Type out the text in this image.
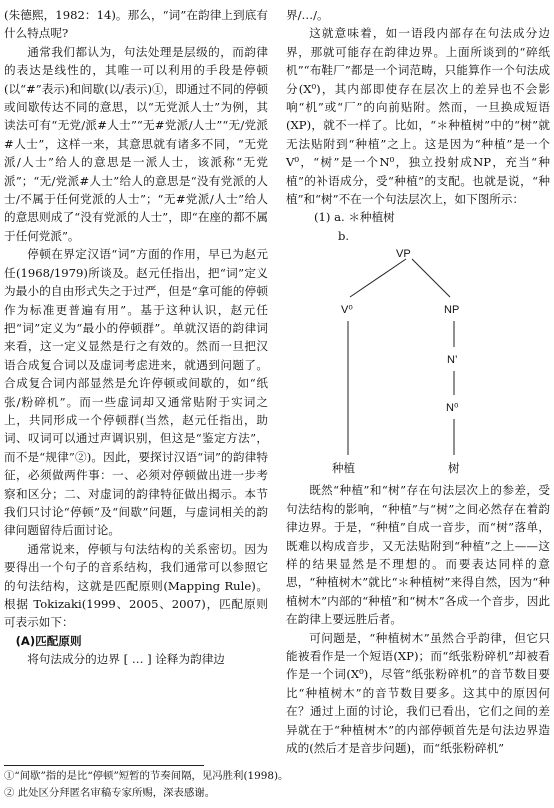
(朱德熙，1982：14)。那么，“词”在韵律上到底有什么特点呢?

通常我们都认为，句法处理是层级的，而韵律的表达是线性的，其唯一可以利用的手段是停顿(以“#”表示)和间歇(以/表示)①，即通过不同的停顿或间歇传达不同的意思，以“无党派人士”为例，其读法可有“无党/派#人士”“无#党派/人士”“无/党派#人士”，这样一来，其意思就有诸多不同，“无党派/人士”给人的意思是一派人士，该派称“无党派”；“无/党派#人士”给人的意思是“没有党派的人士/不属于任何党派的人士”；“无#党派/人士”给人的意思则成了“没有党派的人士”，即“在座的都不属于任何党派”。

停顿在界定汉语“词”方面的作用，早已为赵元任(1968/1979)所谈及。赵元任指出，把“词”定义为最小的自由形式失之于过严，但是“拿可能的停顿作为标准更普遍有用”。基于这种认识，赵元任把“词”定义为“最小的停顿群”。单就汉语的韵律词来看，这一定义显然是行之有效的。然而一旦把汉语合成复合词以及虚词考虑进来，就遇到问题了。合成复合词内部显然是允许停顿或间歇的，如“纸张/粉碎机”。而一些虚词却又通常贴附于实词之上，共同形成一个停顿群(当然，赵元任指出，助词、叹词可以通过声调识别，但这是“鉴定方法”，而不是“规律”②)。因此，要探讨汉语“词”的韵律特征，必须做两件事：一、必须对停顿做出进一步考察和区分；二、对虚词的韵律特征做出揭示。本节我们只讨论“停顿”及“间歇”问题，与虚词相关的韵律问题留待后面讨论。

通常说来，停顿与句法结构的关系密切。因为要得出一个句子的音系结构，我们通常可以参照它的句法结构，这就是匹配原则(Mapping Rule)。根据 Tokizaki(1999、2005、2007)，匹配原则可表示如下：

(A)匹配原则

将句法成分的边界 [ … ] 诠释为韵律边

界/…/。

这就意味着，如一语段内部存在句法成分边界，那就可能存在韵律边界。上面所谈到的“碎纸机”“布鞋厂”都是一个词范畴，只能算作一个句法成分(X⁰)，其内部即使存在层次上的差异也不会影响“机”或“厂”的向前贴附。然而，一旦换成短语(XP)，就不一样了。比如，“＊种植树”中的“树”就无法贴附到“种植”之上。这是因为“种植”是一个V⁰，“树”是一个N⁰，独立投射成NP，充当“种植”的补语成分，受“种植”的支配。也就是说，“种植”和“树”不在一个句法层次上，如下图所示：

(1) a. ＊种植树

b.

VP
V⁰	NP
N’
N⁰
种植	树

既然“种植”和“树”存在句法层次上的参差，受句法结构的影响，“种植”与“树”之间必然存在着韵律边界。于是，“种植”自成一音步，而“树”落单，既难以构成音步，又无法贴附到“种植”之上——这样的结果显然是不理想的。而要表达同样的意思，“种植树木”就比“＊种植树”来得自然，因为“种植树木”内部的“种植”和“树木”各成一个音步，因此在韵律上要远胜后者。

可问题是，“种植树木”虽然合乎韵律，但它只能被看作是一个短语(XP)；而“纸张粉碎机”却被看作是一个词(X⁰)，尽管“纸张粉碎机”的音节数目要比“种植树木”的音节数目要多。这其中的原因何在？通过上面的讨论，我们已看出，它们之间的差异就在于“种植树木”的内部停顿首先是句法边界造成的(然后才是音步问题)，而“纸张粉碎机”

①“间歇”指的是比“停顿”短暂的节奏间隔，见冯胜利(1998)。
② 此处区分拜匿名审稿专家所赐，深表感谢。
